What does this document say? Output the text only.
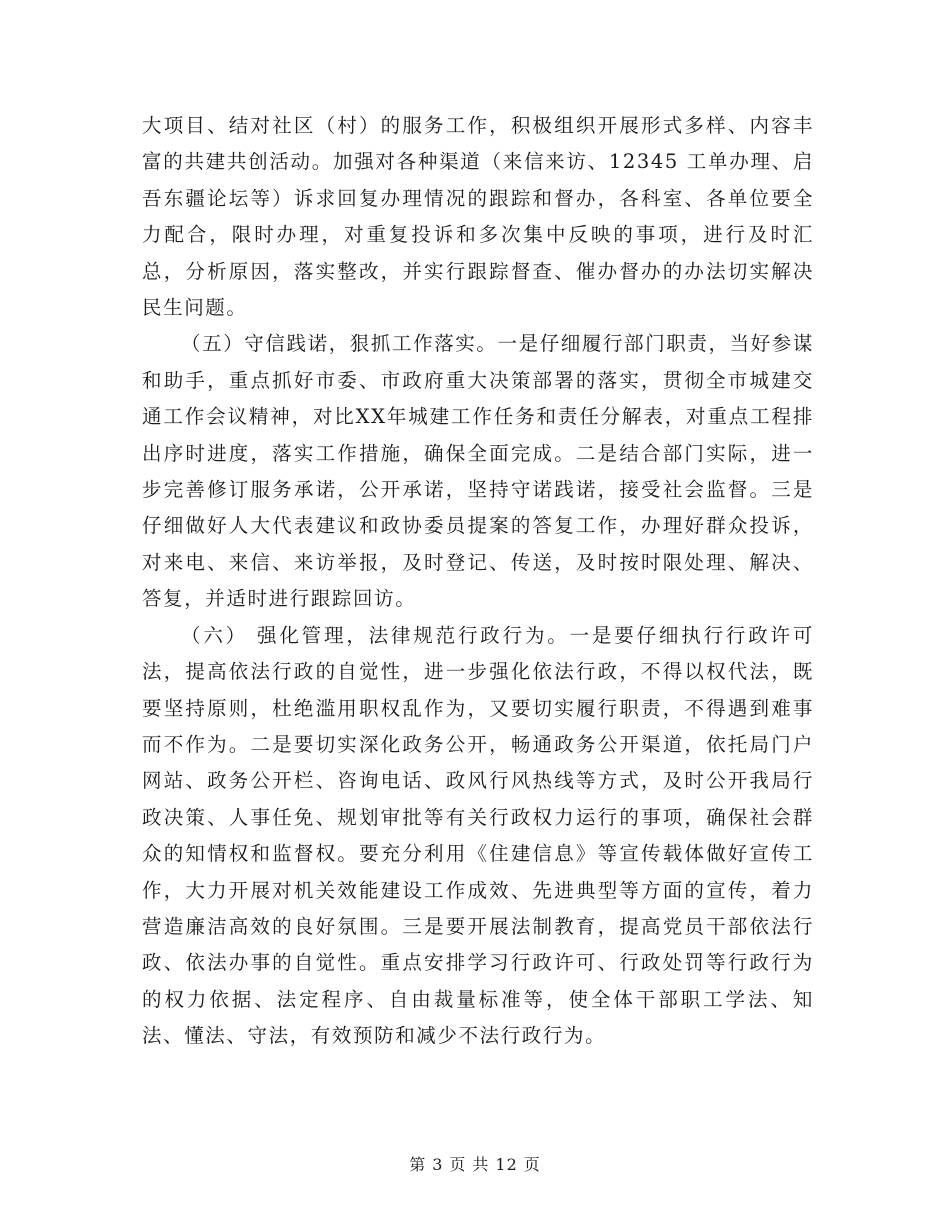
大项目、结对社区（村）的服务工作，积极组织开展形式多样、内容丰富的共建共创活动。加强对各种渠道（来信来访、12345 工单办理、启吾东疆论坛等）诉求回复办理情况的跟踪和督办，各科室、各单位要全力配合，限时办理，对重复投诉和多次集中反映的事项，进行及时汇总，分析原因，落实整改，并实行跟踪督查、催办督办的办法切实解决民生问题。

（五）守信践诺，狠抓工作落实。一是仔细履行部门职责，当好参谋和助手，重点抓好市委、市政府重大决策部署的落实，贯彻全市城建交通工作会议精神，对比XX年城建工作任务和责任分解表，对重点工程排出序时进度，落实工作措施，确保全面完成。二是结合部门实际，进一步完善修订服务承诺，公开承诺，坚持守诺践诺，接受社会监督。三是仔细做好人大代表建议和政协委员提案的答复工作，办理好群众投诉，对来电、来信、来访举报，及时登记、传送，及时按时限处理、解决、答复，并适时进行跟踪回访。

（六） 强化管理，法律规范行政行为。一是要仔细执行行政许可法，提高依法行政的自觉性，进一步强化依法行政，不得以权代法，既要坚持原则，杜绝滥用职权乱作为，又要切实履行职责，不得遇到难事而不作为。二是要切实深化政务公开，畅通政务公开渠道，依托局门户网站、政务公开栏、咨询电话、政风行风热线等方式，及时公开我局行政决策、人事任免、规划审批等有关行政权力运行的事项，确保社会群众的知情权和监督权。要充分利用《住建信息》等宣传载体做好宣传工作，大力开展对机关效能建设工作成效、先进典型等方面的宣传，着力营造廉洁高效的良好氛围。三是要开展法制教育，提高党员干部依法行政、依法办事的自觉性。重点安排学习行政许可、行政处罚等行政行为的权力依据、法定程序、自由裁量标准等，使全体干部职工学法、知法、懂法、守法，有效预防和减少不法行政行为。

第 3 页 共 12 页
